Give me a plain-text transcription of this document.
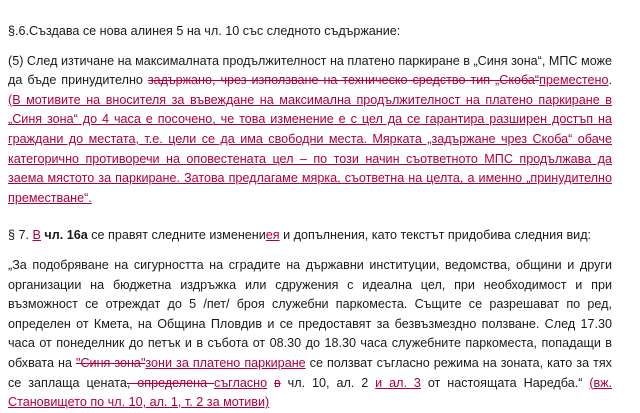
§.6.Създава се нова алинея 5 на чл. 10 със следното съдържание:

(5) След изтичане на максималната продължителност на платено паркиране в „Синя зона“, МПС може да бъде принудително задържано, чрез използване на техническо средство тип „Скоба“преместено. (В мотивите на вносителя за въвеждане на максимална продължителност на платено паркиране в „Синя зона“ до 4 часа е посочено, че това изменение е с цел да се гарантира разширен достъп на граждани до местата, т.е. цели се да има свободни места. Мярката „задържане чрез Скоба“ обаче категорично противоречи на оповестената цел – по този начин съответното МПС продължава да заема мястото за паркиране. Затова предлагаме мярка, съответна на целта, а именно „принудително преместване“.

§ 7. В чл. 16а се правят следните изменениея и допълнения, като текстът придобива следния вид:

„За подобряване на сигурността на сградите на държавни институции, ведомства, общини и други организации на бюджетна издръжка или сдружения с идеална цел, при необходимост и при възможност се отреждат до 5 /пет/ броя служебни паркоместа. Същите се разрешават по ред, определен от Кмета, на Община Пловдив и се предоставят за безвъзмездно ползване. След 17.30 часа от понеделник до петък и в събота от 08.30 до 18.30 часа служебните паркоместа, попадащи в обхвата на "Синя зона"зони за платено паркиране се ползват съгласно режима на зоната, като за тях се заплаща цената, определена съгласно в чл. 10, ал. 2 и ал. 3 от настоящата Наредба.“ (вж. Становището по чл. 10, ал. 1, т. 2 за мотиви)
